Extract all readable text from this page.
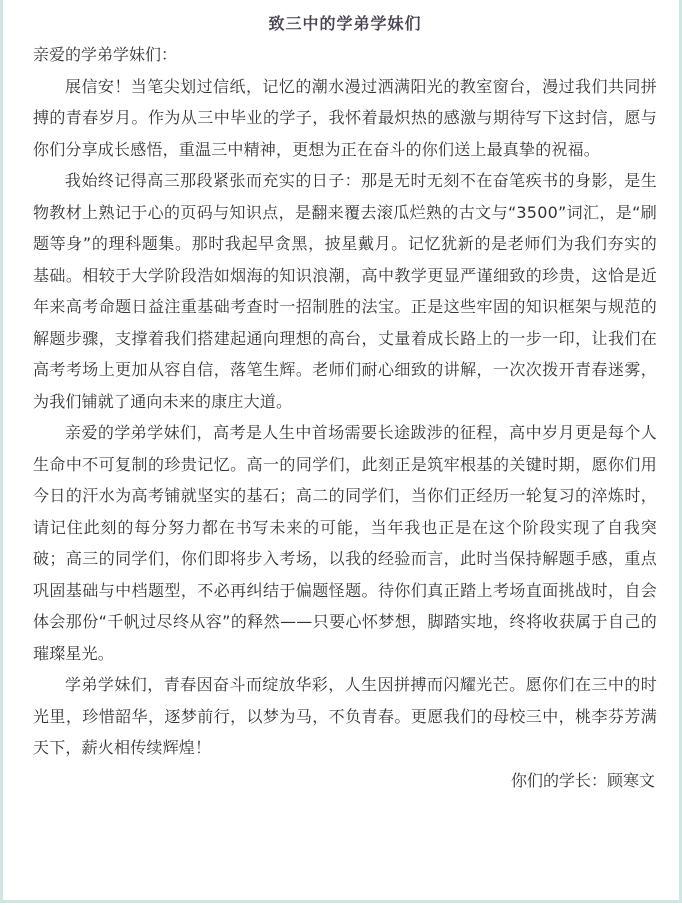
致三中的学弟学妹们
亲爱的学弟学妹们：

展信安！当笔尖划过信纸，记忆的潮水漫过洒满阳光的教室窗台，漫过我们共同拼搏的青春岁月。作为从三中毕业的学子，我怀着最炽热的感激与期待写下这封信，愿与你们分享成长感悟，重温三中精神，更想为正在奋斗的你们送上最真挚的祝福。

我始终记得高三那段紧张而充实的日子：那是无时无刻不在奋笔疾书的身影，是生物教材上熟记于心的页码与知识点，是翻来覆去滚瓜烂熟的古文与“3500”词汇，是“刷题等身”的理科题集。那时我起早贪黑，披星戴月。记忆犹新的是老师们为我们夯实的基础。相较于大学阶段浩如烟海的知识浪潮，高中教学更显严谨细致的珍贵，这恰是近年来高考命题日益注重基础考查时一招制胜的法宝。正是这些牢固的知识框架与规范的解题步骤，支撑着我们搭建起通向理想的高台，丈量着成长路上的一步一印，让我们在高考考场上更加从容自信，落笔生辉。老师们耐心细致的讲解，一次次拨开青春迷雾，为我们铺就了通向未来的康庄大道。

亲爱的学弟学妹们，高考是人生中首场需要长途跋涉的征程，高中岁月更是每个人生命中不可复制的珍贵记忆。高一的同学们，此刻正是筑牢根基的关键时期，愿你们用今日的汗水为高考铺就坚实的基石；高二的同学们，当你们正经历一轮复习的淬炼时，请记住此刻的每分努力都在书写未来的可能，当年我也正是在这个阶段实现了自我突破；高三的同学们，你们即将步入考场，以我的经验而言，此时当保持解题手感，重点巩固基础与中档题型，不必再纠结于偏题怪题。待你们真正踏上考场直面挑战时，自会体会那份“千帆过尽终从容”的释然——只要心怀梦想，脚踏实地，终将收获属于自己的璀璨星光。

学弟学妹们，青春因奋斗而绽放华彩，人生因拼搏而闪耀光芒。愿你们在三中的时光里，珍惜韶华，逐梦前行，以梦为马，不负青春。更愿我们的母校三中，桃李芬芳满天下，薪火相传续辉煌！

你们的学长：顾寒文
